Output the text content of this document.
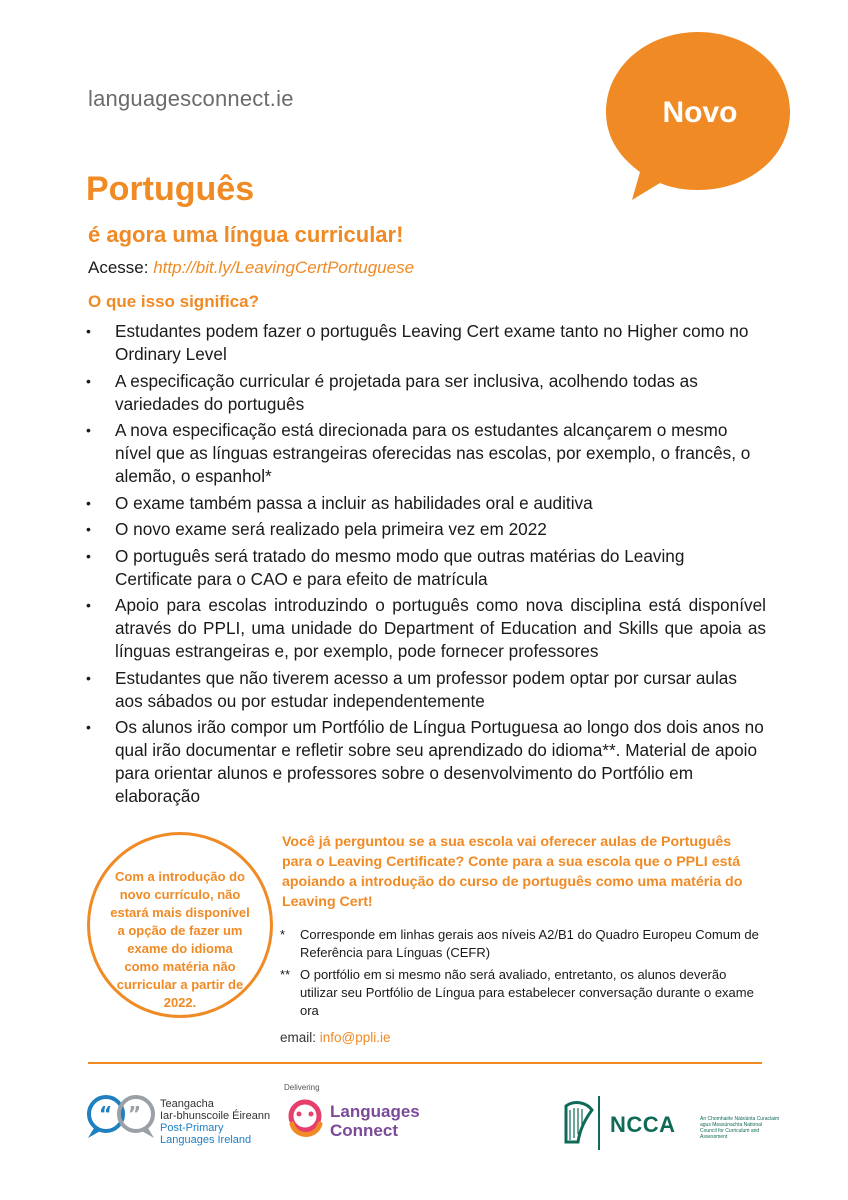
languagesconnect.ie	Novo
Português
é agora uma língua curricular!
Acesse: http://bit.ly/LeavingCertPortuguese
O que isso significa?
• Estudantes podem fazer o português Leaving Cert exame tanto no Higher como no Ordinary Level
• A especificação curricular é projetada para ser inclusiva, acolhendo todas as variedades do português
• A nova especificação está direcionada para os estudantes alcançarem o mesmo nível que as línguas estrangeiras oferecidas nas escolas, por exemplo, o francês, o alemão, o espanhol*
• O exame também passa a incluir as habilidades oral e auditiva
• O novo exame será realizado pela primeira vez em 2022
• O português será tratado do mesmo modo que outras matérias do Leaving Certificate para o CAO e para efeito de matrícula
• Apoio para escolas introduzindo o português como nova disciplina está disponível através do PPLI, uma unidade do Department of Education and Skills que apoia as línguas estrangeiras e, por exemplo, pode fornecer professores
• Estudantes que não tiverem acesso a um professor podem optar por cursar aulas aos sábados ou por estudar independentemente
• Os alunos irão compor um Portfólio de Língua Portuguesa ao longo dos dois anos no qual irão documentar e refletir sobre seu aprendizado do idioma**. Material de apoio para orientar alunos e professores sobre o desenvolvimento do Portfólio em elaboração
Com a introdução do novo currículo, não estará mais disponível a opção de fazer um exame do idioma como matéria não curricular a partir de 2022.
Você já perguntou se a sua escola vai oferecer aulas de Português para o Leaving Certificate? Conte para a sua escola que o PPLI está apoiando a introdução do curso de português como uma matéria do Leaving Cert!
* Corresponde em linhas gerais aos níveis A2/B1 do Quadro Europeu Comum de Referência para Línguas (CEFR)
** O portfólio em si mesmo não será avaliado, entretanto, os alunos deverão utilizar seu Portfólio de Língua para estabelecer conversação durante o exame ora
email: info@ppli.ie
“ ” Teangacha
Iar-bhunscoile Éireann
Post-Primary
Languages Ireland
Delivering
Languages
Connect	NCCA	An Chomhairle Náisiúnta Curaclaim agus Measúnachta National Council for Curriculum and Assessment
